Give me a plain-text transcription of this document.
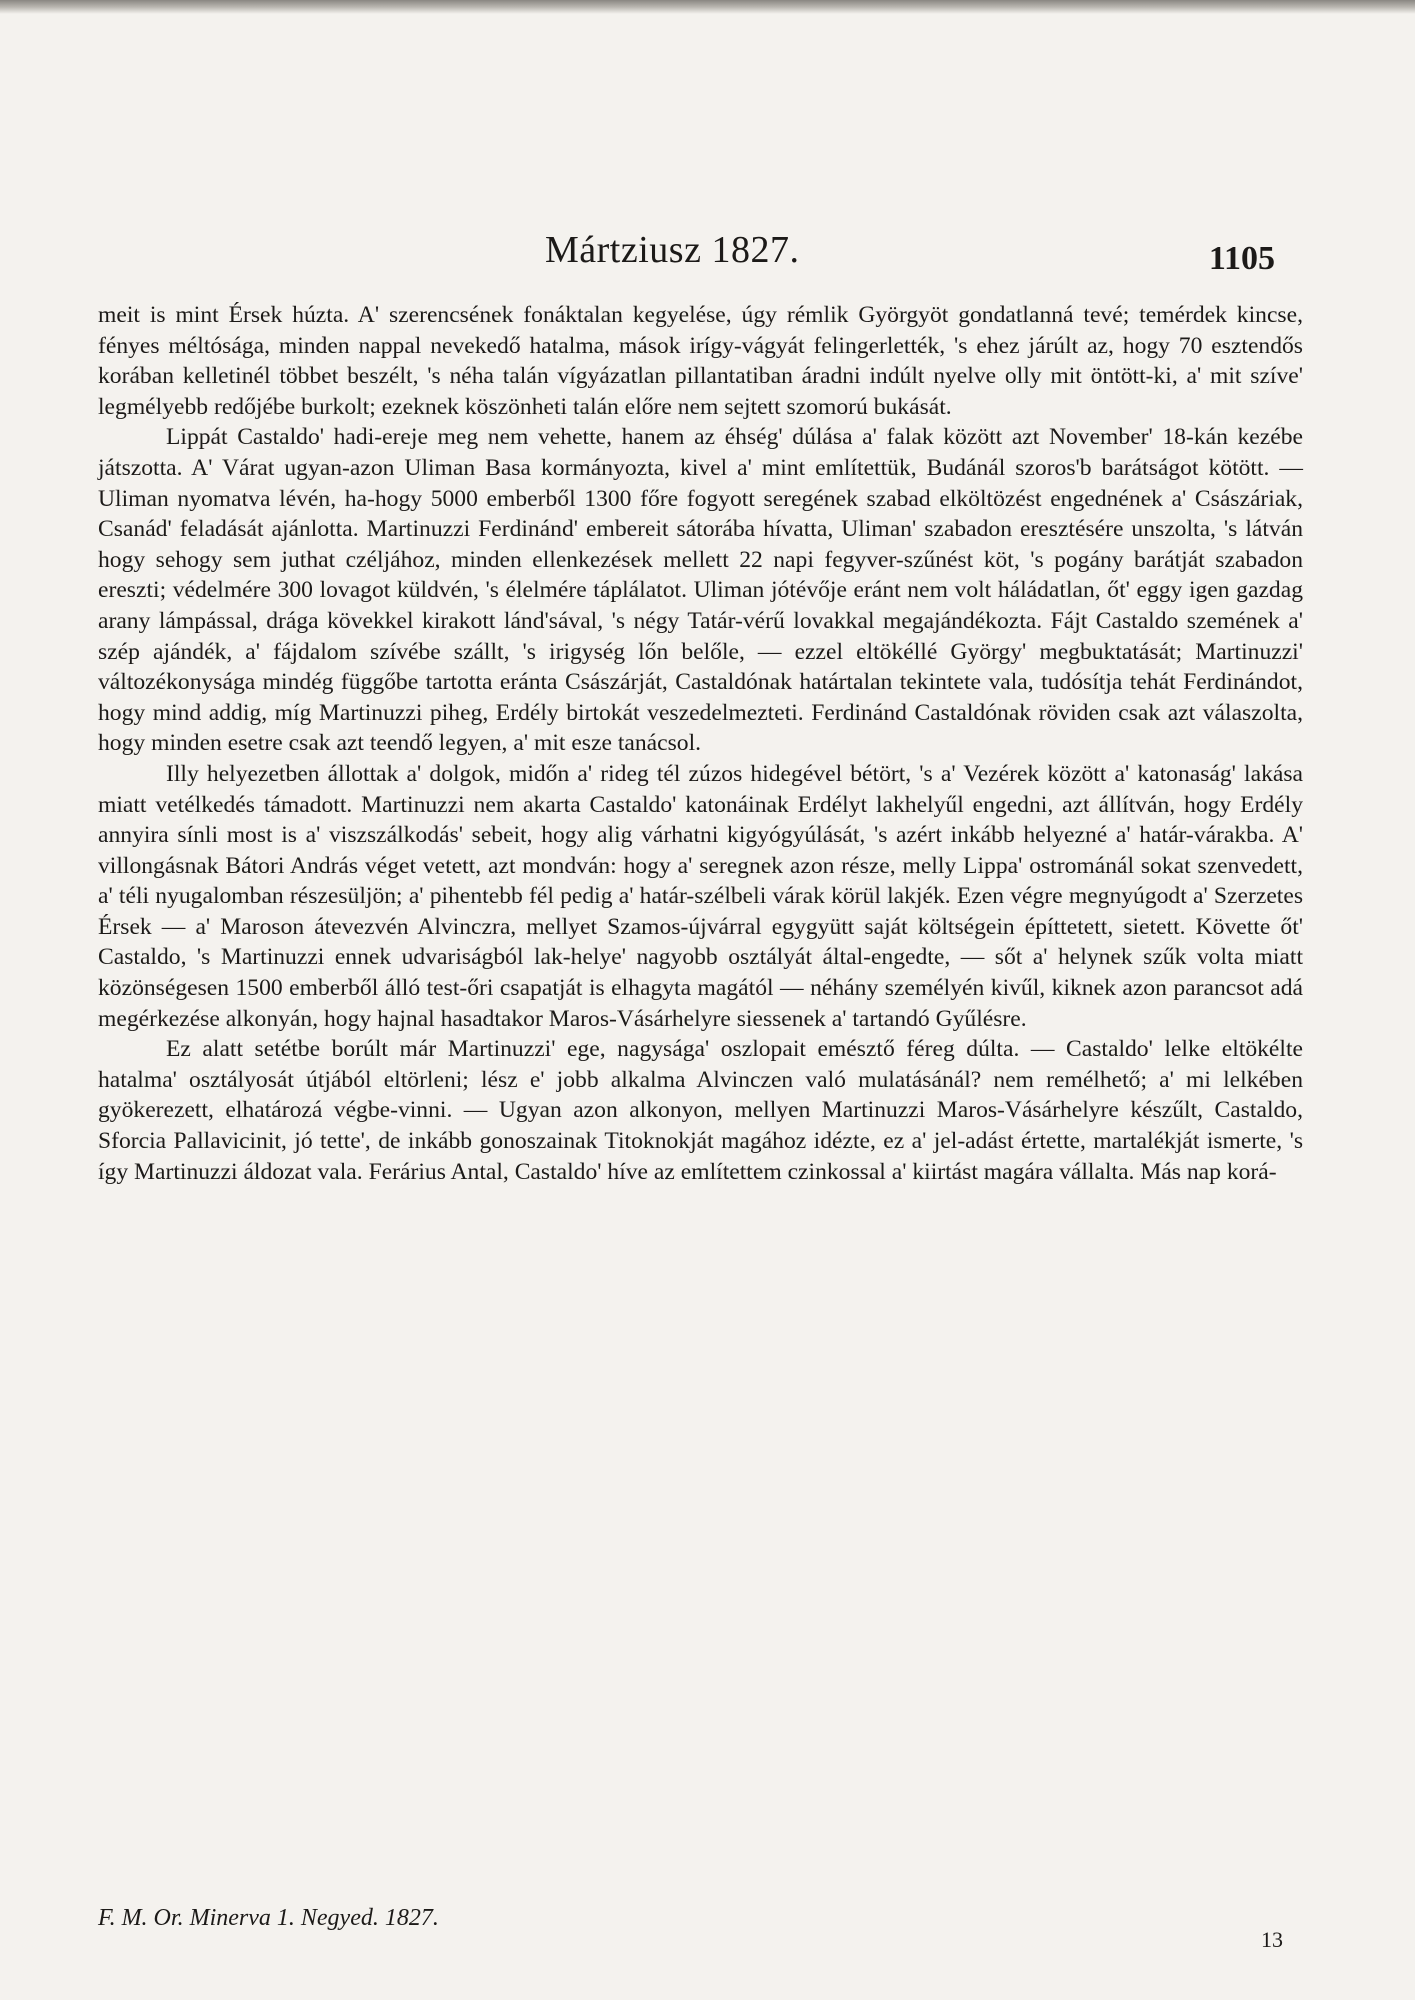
Mártziusz 1827.	1105

meit is mint Érsek húzta. A' szerencsének fonáktalan kegyelése, úgy rémlik Györgyöt gondatlanná tevé; temérdek kincse, fényes méltósága, minden nappal nevekedő hatalma, mások irígy-vágyát felingerlették, 's ehez járúlt az, hogy 70 esztendős korában kelletinél többet beszélt, 's néha talán vígyázatlan pillantatiban áradni indúlt nyelve olly mit öntött-ki, a' mit szíve' legmélyebb redőjébe burkolt; ezeknek köszönheti talán előre nem sejtett szomorú bukását.

Lippát Castaldo' hadi-ereje meg nem vehette, hanem az éhség' dúlása a' falak között azt November' 18-kán kezébe játszotta. A' Várat ugyan-azon Uliman Basa kormányozta, kivel a' mint említettük, Budánál szoros'b barátságot kötött. — Uliman nyomatva lévén, ha-hogy 5000 emberből 1300 főre fogyott seregének szabad elköltözést engednének a' Császáriak, Csanád' feladását ajánlotta. Martinuzzi Ferdinánd' embereit sátorába hívatta, Uliman' szabadon eresztésére unszolta, 's látván hogy sehogy sem juthat czéljához, minden ellenkezések mellett 22 napi fegyver-szűnést köt, 's pogány barátját szabadon ereszti; védelmére 300 lovagot küldvén, 's élelmére táplálatot. Uliman jótévője eránt nem volt háládatlan, őt' eggy igen gazdag arany lámpással, drága kövekkel kirakott lánd'sával, 's négy Tatár-vérű lovakkal megajándékozta. Fájt Castaldo szemének a' szép ajándék, a' fájdalom szívébe szállt, 's irigység lőn belőle, — ezzel eltökéllé György' megbuktatását; Martinuzzi' változékonysága mindég függőbe tartotta eránta Császárját, Castaldónak határtalan tekintete vala, tudósítja tehát Ferdinándot, hogy mind addig, míg Martinuzzi piheg, Erdély birtokát veszedelmezteti. Ferdinánd Castaldónak röviden csak azt válaszolta, hogy minden esetre csak azt teendő legyen, a' mit esze tanácsol.

Illy helyezetben állottak a' dolgok, midőn a' rideg tél zúzos hidegével bétört, 's a' Vezérek között a' katonaság' lakása miatt vetélkedés támadott. Martinuzzi nem akarta Castaldo' katonáinak Erdélyt lakhelyűl engedni, azt állítván, hogy Erdély annyira sínli most is a' viszszálkodás' sebeit, hogy alig várhatni kigyógyúlását, 's azért inkább helyezné a' határ-várakba. A' villongásnak Bátori András véget vetett, azt mondván: hogy a' seregnek azon része, melly Lippa' ostrománál sokat szenvedett, a' téli nyugalomban részesüljön; a' pihentebb fél pedig a' határ-szélbeli várak körül lakjék. Ezen végre megnyúgodt a' Szerzetes Érsek — a' Maroson átevezvén Alvinczra, mellyet Szamos-újvárral egygyütt saját költségein építtetett, sietett. Követte őt' Castaldo, 's Martinuzzi ennek udvariságból lak-helye' nagyobb osztályát által-engedte, — sőt a' helynek szűk volta miatt közönségesen 1500 emberből álló test-őri csapatját is elhagyta magától — néhány személyén kivűl, kiknek azon parancsot adá megérkezése alkonyán, hogy hajnal hasadtakor Maros-Vásárhelyre siessenek a' tartandó Gyűlésre.

Ez alatt setétbe borúlt már Martinuzzi' ege, nagysága' oszlopait emésztő féreg dúlta. — Castaldo' lelke eltökélte hatalma' osztályosát útjából eltörleni; lész e' jobb alkalma Alvinczen való mulatásánál? nem remélhető; a' mi lelkében gyökerezett, elhatározá végbe-vinni. — Ugyan azon alkonyon, mellyen Martinuzzi Maros-Vásárhelyre készűlt, Castaldo, Sforcia Pallavicinit, jó tette', de inkább gonoszainak Titoknokját magához idézte, ez a' jel-adást értette, martalékját ismerte, 's így Martinuzzi áldozat vala. Ferárius Antal, Castaldo' híve az említettem czinkossal a' kiirtást magára vállalta. Más nap korá-

F. M. Or. Minerva 1. Negyed. 1827.
13
